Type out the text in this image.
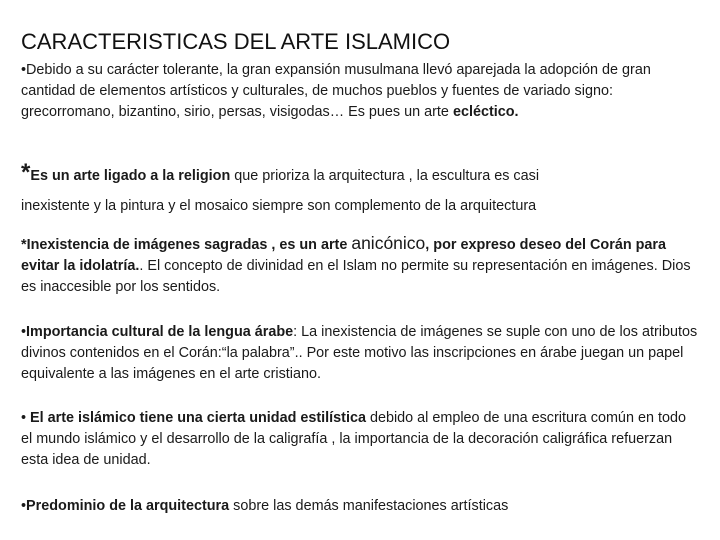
CARACTERISTICAS DEL ARTE ISLAMICO
•Debido a su carácter tolerante, la gran expansión musulmana llevó aparejada la adopción de gran cantidad de elementos artísticos y culturales, de muchos pueblos y fuentes de variado signo: grecorromano, bizantino, sirio, persas, visigodas… Es pues un arte ecléctico.
*Es un arte ligado a la religion que prioriza la arquitectura , la escultura es casi
inexistente y la pintura y el mosaico siempre son complemento de la arquitectura
*Inexistencia de imágenes sagradas , es un arte anicónico, por expreso deseo del Corán para evitar la idolatría.. El concepto de divinidad en el Islam no permite su representación en imágenes. Dios es inaccesible por los sentidos.
•Importancia cultural de la lengua árabe: La inexistencia de imágenes se suple con uno de los atributos divinos contenidos en el Corán:“la palabra”.. Por este motivo las inscripciones en árabe juegan un papel equivalente a las imágenes en el arte cristiano.
• El arte islámico tiene una cierta unidad estilística debido al empleo de una escritura común en todo el mundo islámico y el desarrollo de la caligrafía , la importancia de la decoración caligráfica refuerzan esta idea de unidad.
•Predominio de la arquitectura sobre las demás manifestaciones artísticas
